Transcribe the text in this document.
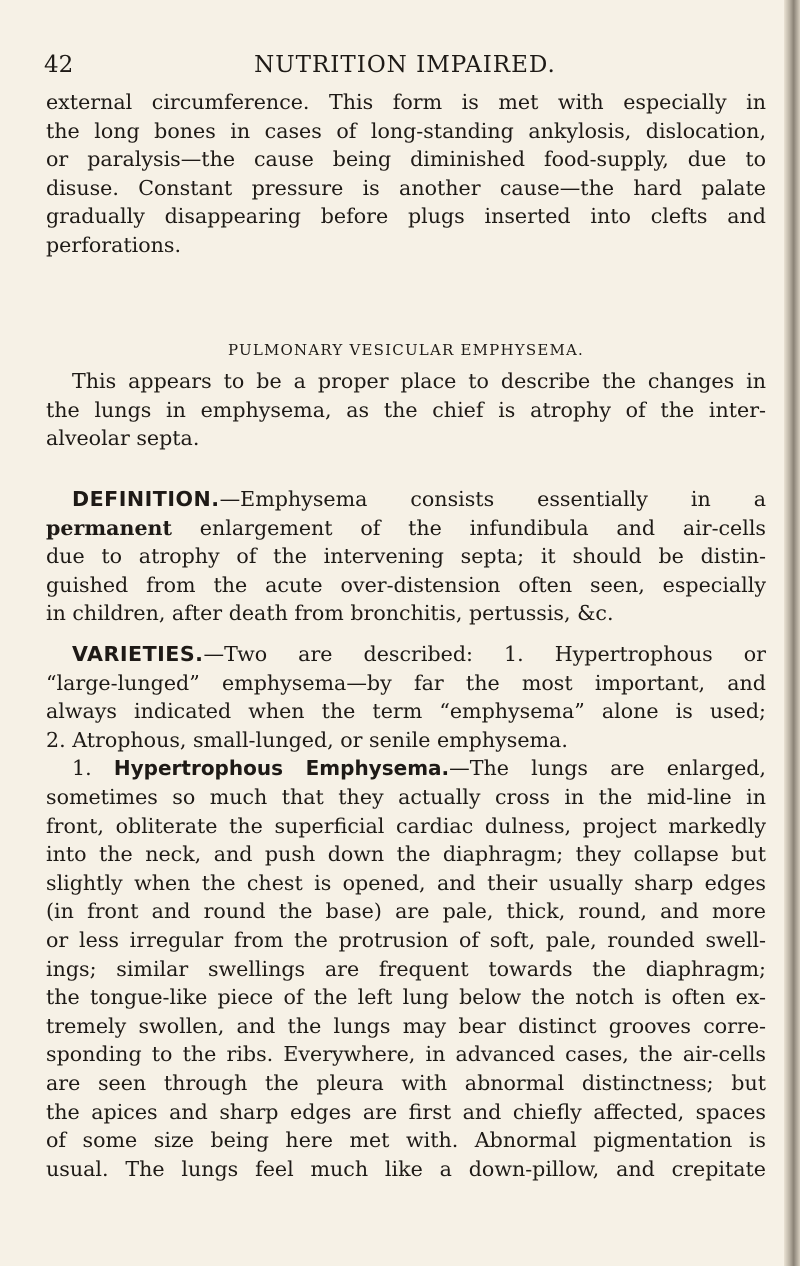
42	NUTRITION IMPAIRED.
external circumference. This form is met with especially in
the long bones in cases of long-standing ankylosis, dislocation,
or paralysis—the cause being diminished food-supply, due to
disuse. Constant pressure is another cause—the hard palate
gradually disappearing before plugs inserted into clefts and
perforations.
PULMONARY VESICULAR EMPHYSEMA.
This appears to be a proper place to describe the changes in
the lungs in emphysema, as the chief is atrophy of the inter-
alveolar septa.
DEFINITION.—Emphysema consists essentially in a
permanent enlargement of the infundibula and air-cells
due to atrophy of the intervening septa; it should be distin-
guished from the acute over-distension often seen, especially
in children, after death from bronchitis, pertussis, &c.
VARIETIES.—Two are described: 1. Hypertrophous or
“large-lunged” emphysema—by far the most important, and
always indicated when the term “emphysema” alone is used;
2. Atrophous, small-lunged, or senile emphysema.
1. Hypertrophous Emphysema.—The lungs are enlarged,
sometimes so much that they actually cross in the mid-line in
front, obliterate the superficial cardiac dulness, project markedly
into the neck, and push down the diaphragm; they collapse but
slightly when the chest is opened, and their usually sharp edges
(in front and round the base) are pale, thick, round, and more
or less irregular from the protrusion of soft, pale, rounded swell-
ings; similar swellings are frequent towards the diaphragm;
the tongue-like piece of the left lung below the notch is often ex-
tremely swollen, and the lungs may bear distinct grooves corre-
sponding to the ribs. Everywhere, in advanced cases, the air-cells
are seen through the pleura with abnormal distinctness; but
the apices and sharp edges are first and chiefly affected, spaces
of some size being here met with. Abnormal pigmentation is
usual. The lungs feel much like a down-pillow, and crepitate
